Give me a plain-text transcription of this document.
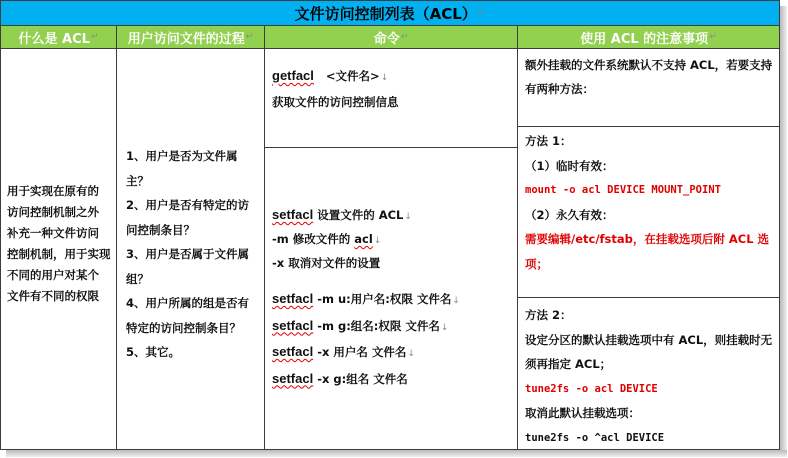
文件访问控制列表（ACL） ↵
什么是 ACL ↵ 用户访问文件的过程 ↵	命令 ↵	使用 ACL 的注意事项 ↵
用于实现在原有的
访问控制机制之外
补充一种文件访问
控制机制，用于实现
不同的用户对某个
文件有不同的权限
1、用户是否为文件属
主？
2、用户是否有特定的访
问控制条目？
3、用户是否属于文件属
组？
4、用户所属的组是否有
特定的访问控制条目？
5、其它。
getfacl <文件名>↓
获取文件的访问控制信息
setfacl 设置文件的 ACL↓
-m 修改文件的 acl↓
-x 取消对文件的设置
setfacl -m u:用户名:权限 文件名↓
setfacl -m g:组名:权限 文件名↓
setfacl -x 用户名 文件名↓
setfacl -x g:组名 文件名
额外挂载的文件系统默认不支持 ACL，若要支持
有两种方法：
方法 1：
（1）临时有效：
mount -o acl DEVICE MOUNT_POINT
（2）永久有效：
需要编辑/etc/fstab，在挂载选项后附 ACL 选
项；
方法 2：
设定分区的默认挂载选项中有 ACL，则挂载时无
须再指定 ACL；
tune2fs -o acl DEVICE
取消此默认挂载选项：
tune2fs -o ^acl DEVICE
